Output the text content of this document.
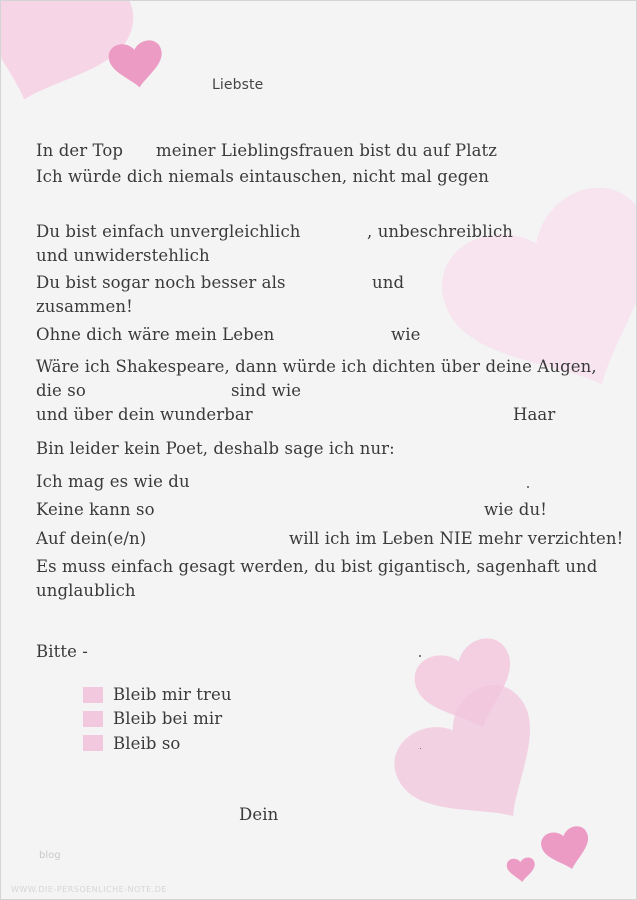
Liebste
In der Top meiner Lieblingsfrauen bist du auf Platz
Ich würde dich niemals eintauschen, nicht mal gegen
Du bist einfach unvergleichlich	, unbeschreiblich
und unwiderstehlich
Du bist sogar noch besser als	und
zusammen!
Ohne dich wäre mein Leben	wie
Wäre ich Shakespeare, dann würde ich dichten über deine Augen,
die so	sind wie
und über dein wunderbar	Haar
Bin leider kein Poet, deshalb sage ich nur:
Ich mag es wie du
Keine kann so	wie du!
Auf dein(e/n)	will ich im Leben NIE mehr verzichten!
Es muss einfach gesagt werden, du bist gigantisch, sagenhaft und
unglaublich
Bitte -
Bleib mir treu
Bleib bei mir
Bleib so
Dein
blog
WWW.DIE-PERSOENLICHE-NOTE.DE
